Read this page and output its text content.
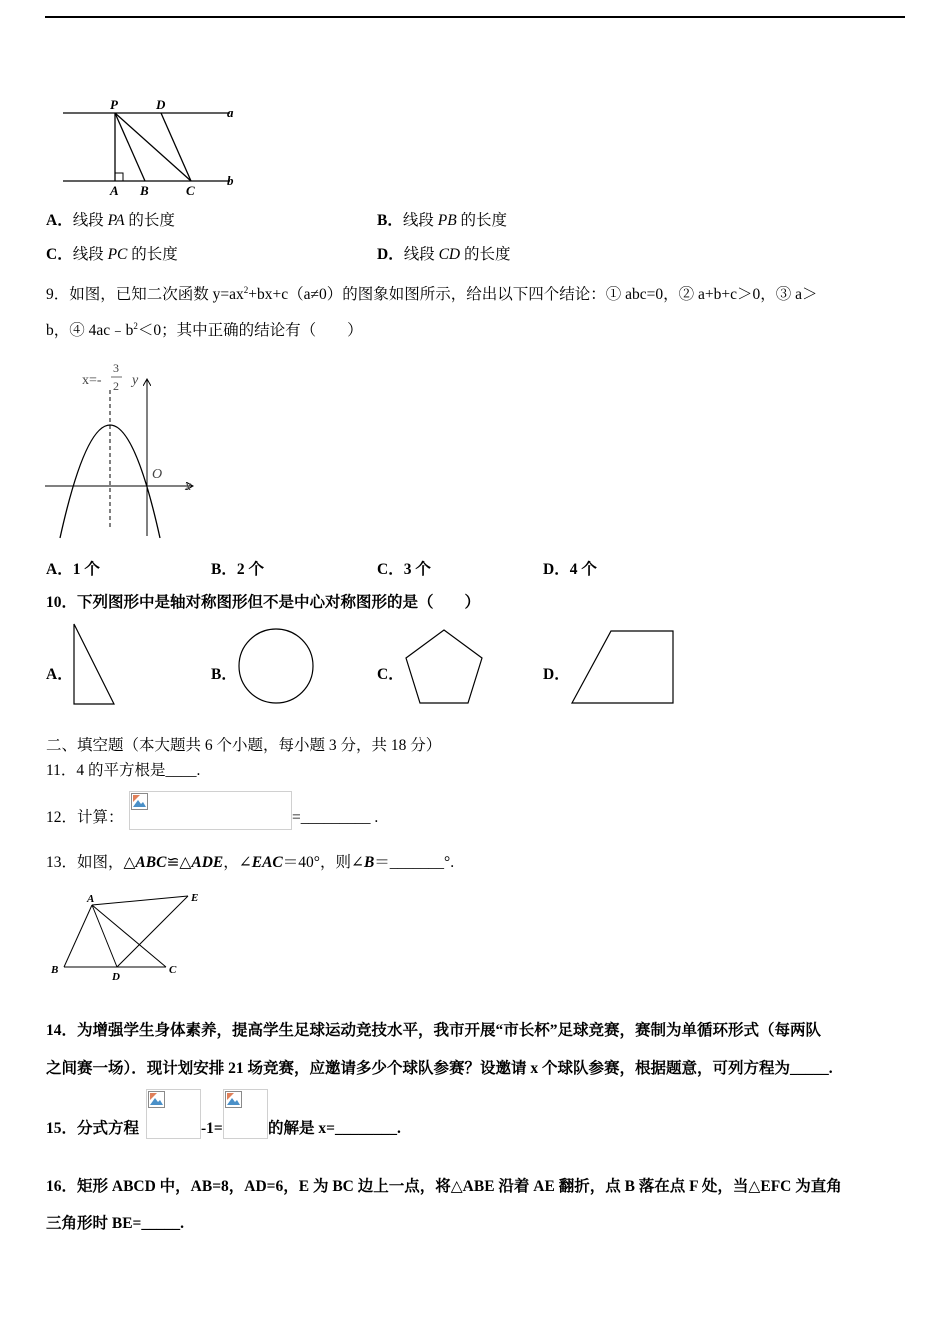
P	D
a
A B	C
b
A．线段 PA 的长度	B．线段 PB 的长度
C．线段 PC 的长度	D．线段 CD 的长度
9．如图，已知二次函数 $y=ax^2+bx+c(a\ne 0)$的图象如图所示，给出以下四个结论：① abc=0，② a+b+c＞0，③ a＞
b，④ $4ac﹣b^2<0$；其中正确的结论有（　　）
x=-
3
2 y
O
x
A．1 个	B．2 个	C．3 个	D．4 个
10．下列图形中是轴对称图形但不是中心对称图形的是（　　）
A．	B．	C．	D．
二、填空题（本大题共 6 个小题，每小题 3 分，共 18 分）
11．4 的平方根是____.
12．计算：	=_________ .
13．如图，△ABC≌△ADE，∠EAC＝40°，则∠B＝_______°.
A	E
B
D
C
14．为增强学生身体素养，提高学生足球运动竞技水平，我市开展“市长杯”足球竞赛，赛制为单循环形式（每两队
之间赛一场）．现计划安排 21 场竞赛，应邀请多少个球队参赛？设邀请 x 个球队参赛，根据题意，可列方程为_____.
15．分式方程	-1=	的解是 x=________.
16．矩形 ABCD 中，AB=8，AD=6，E 为 BC 边上一点，将△ABE 沿着 AE 翻折，点 B 落在点 F 处，当△EFC 为直角
三角形时 BE=_____.
